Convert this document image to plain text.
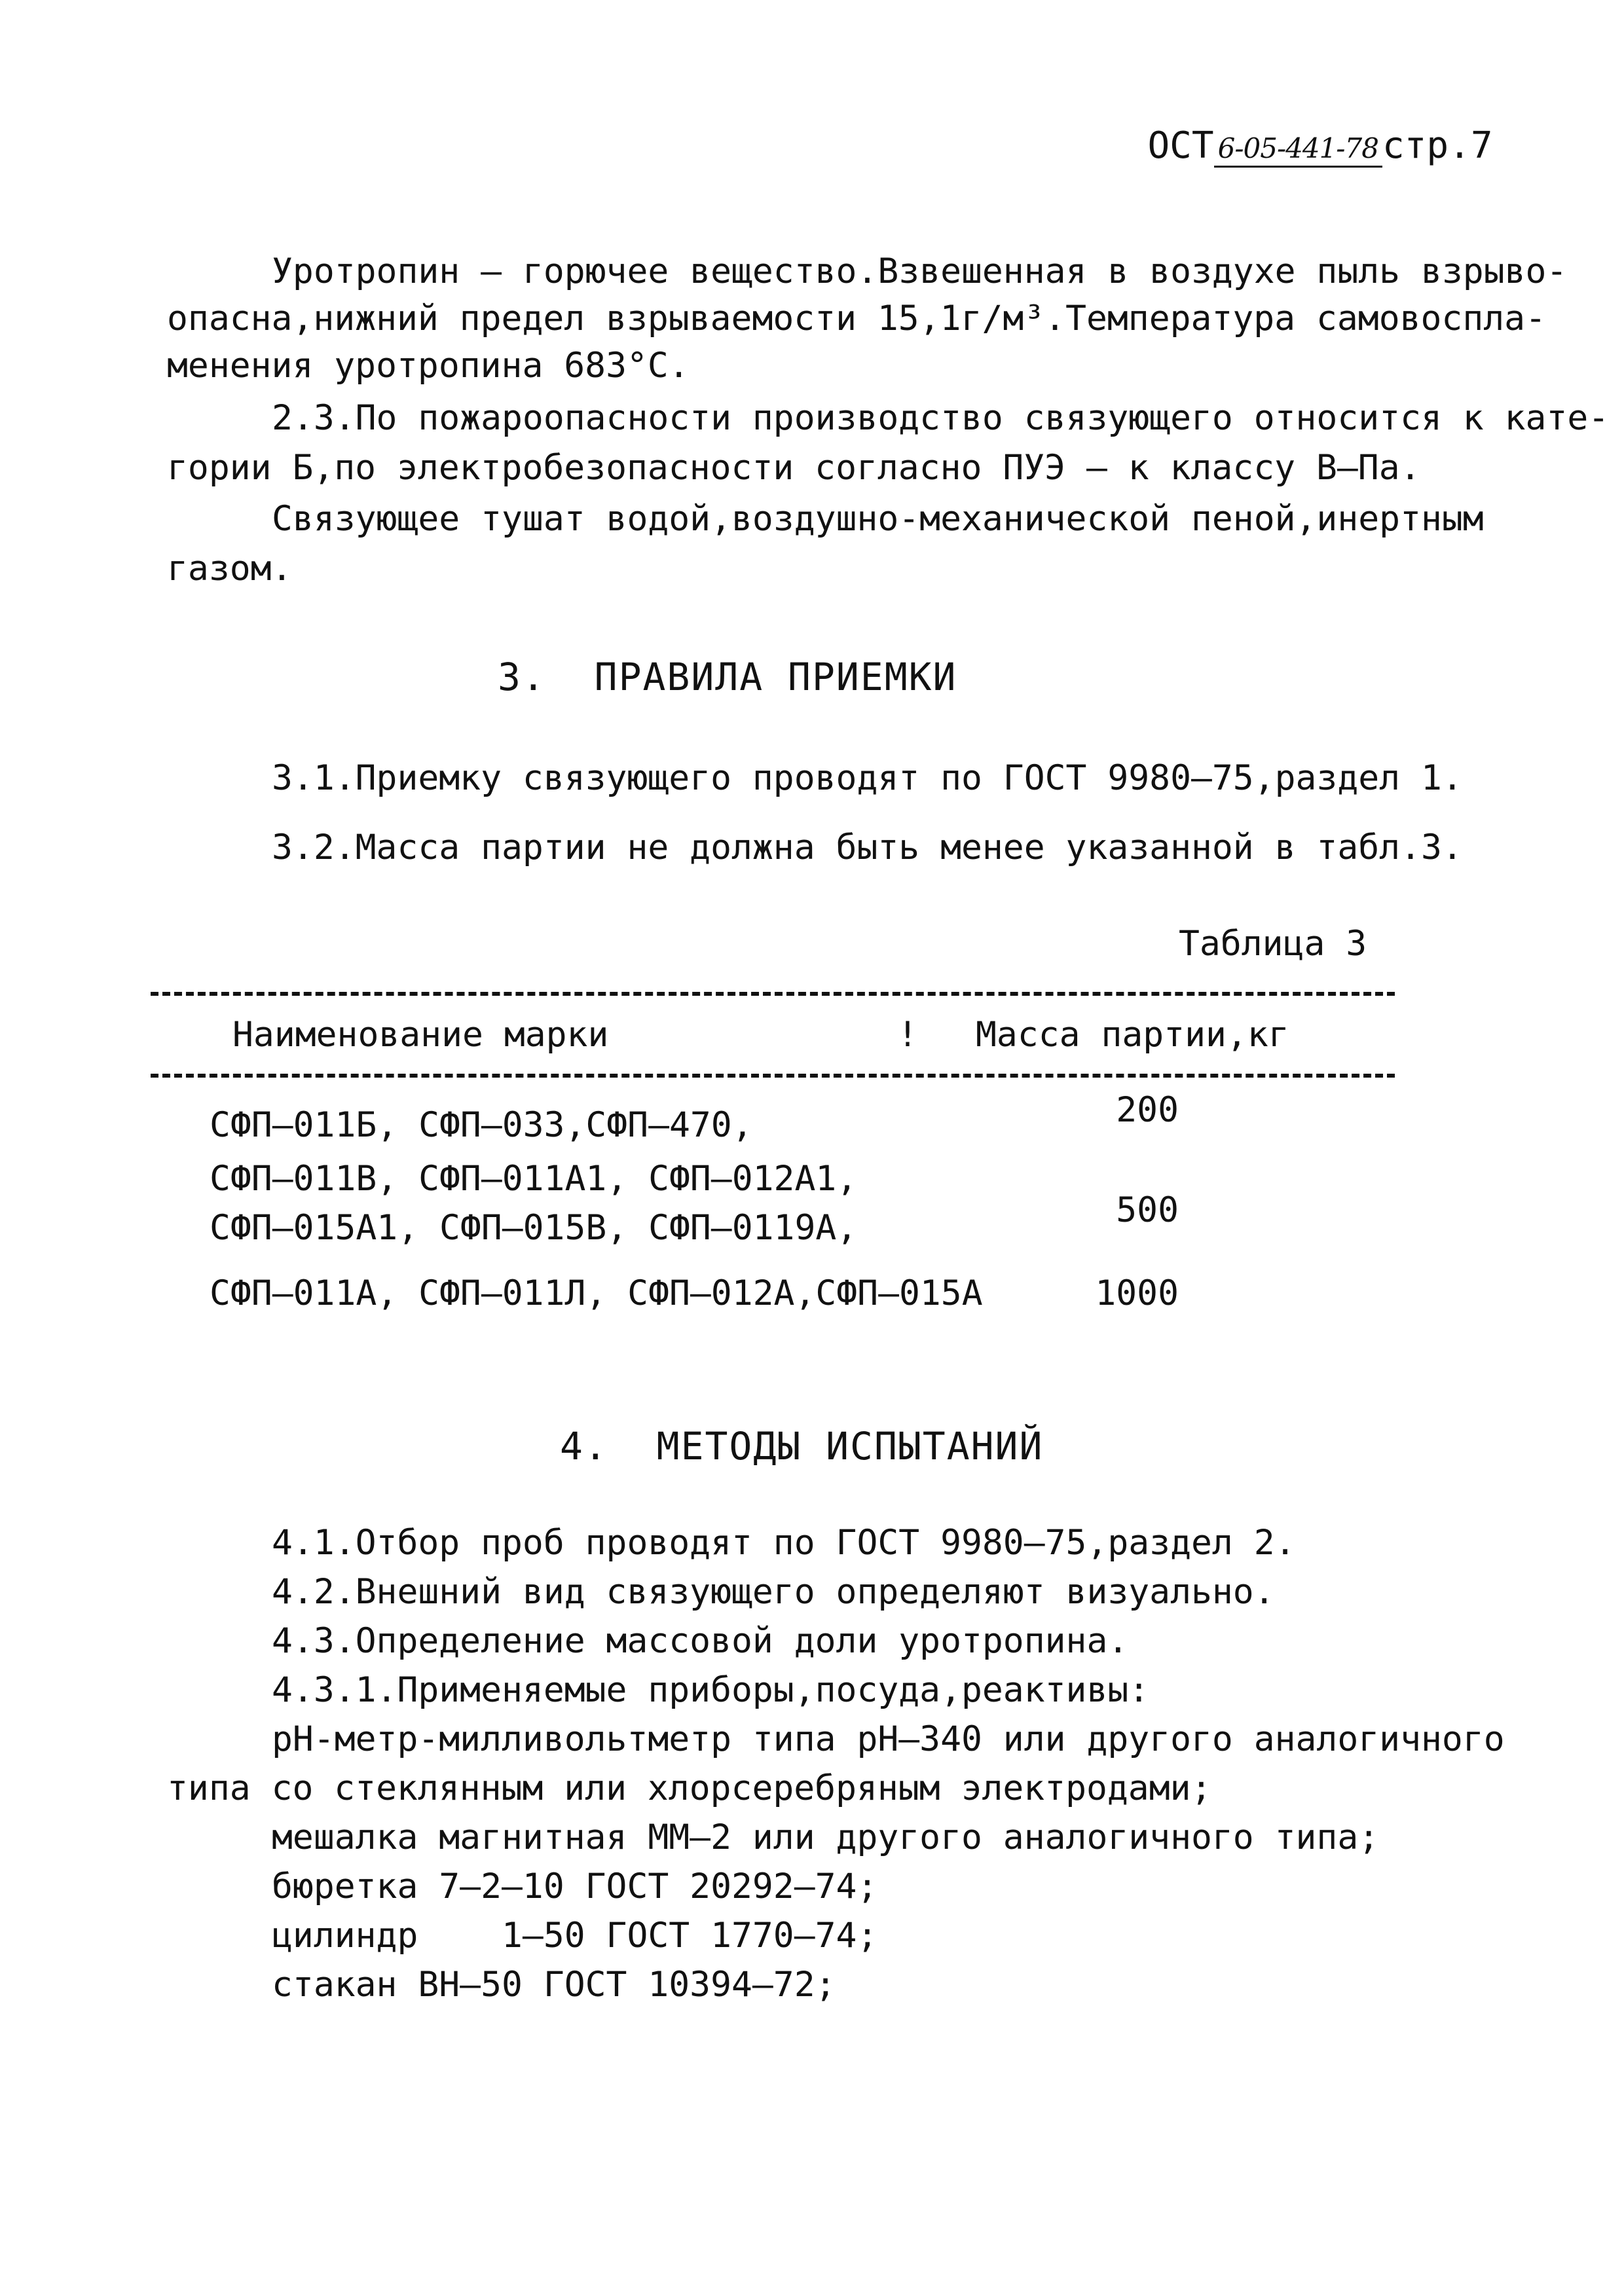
ОСТ 6-05-441-78 стр.7

Уротропин – горючее вещество.Взвешенная в воздухе пыль взрыво-
опасна,нижний предел взрываемости 15,1г/м³.Температура самовоспла-
менения уротропина 683°С.
2.3.По пожароопасности производство связующего относится к кате-
гории Б,по электробезопасности согласно ПУЭ – к классу В–Па.
Связующее тушат водой,воздушно-механической пеной,инертным
газом.
3.  ПРАВИЛА ПРИЕМКИ
3.1.Приемку связующего проводят по ГОСТ 9980–75,раздел 1.
3.2.Масса партии не должна быть менее указанной в табл.3.
Таблица 3
Наименование марки	! Масса партии,кг
СФП–011Б, СФП–033,СФП–470,	200
СФП–011В, СФП–011А1, СФП–012А1,
СФП–015А1, СФП–015В, СФП–0119А,	500
СФП–011А, СФП–011Л, СФП–012А,СФП–015А	1000
4.  МЕТОДЫ ИСПЫТАНИЙ
4.1.Отбор проб проводят по ГОСТ 9980–75,раздел 2.
4.2.Внешний вид связующего определяют визуально.
4.3.Определение массовой доли уротропина.
4.3.1.Применяемые приборы,посуда,реактивы:
рН-метр-милливольтметр типа рН–340 или другого аналогичного
типа со стеклянным или хлорсеребряным электродами;
мешалка магнитная ММ–2 или другого аналогичного типа;
бюретка 7–2–10 ГОСТ 20292–74;
цилиндр    1–50 ГОСТ 1770–74;
стакан ВН–50 ГОСТ 10394–72;
